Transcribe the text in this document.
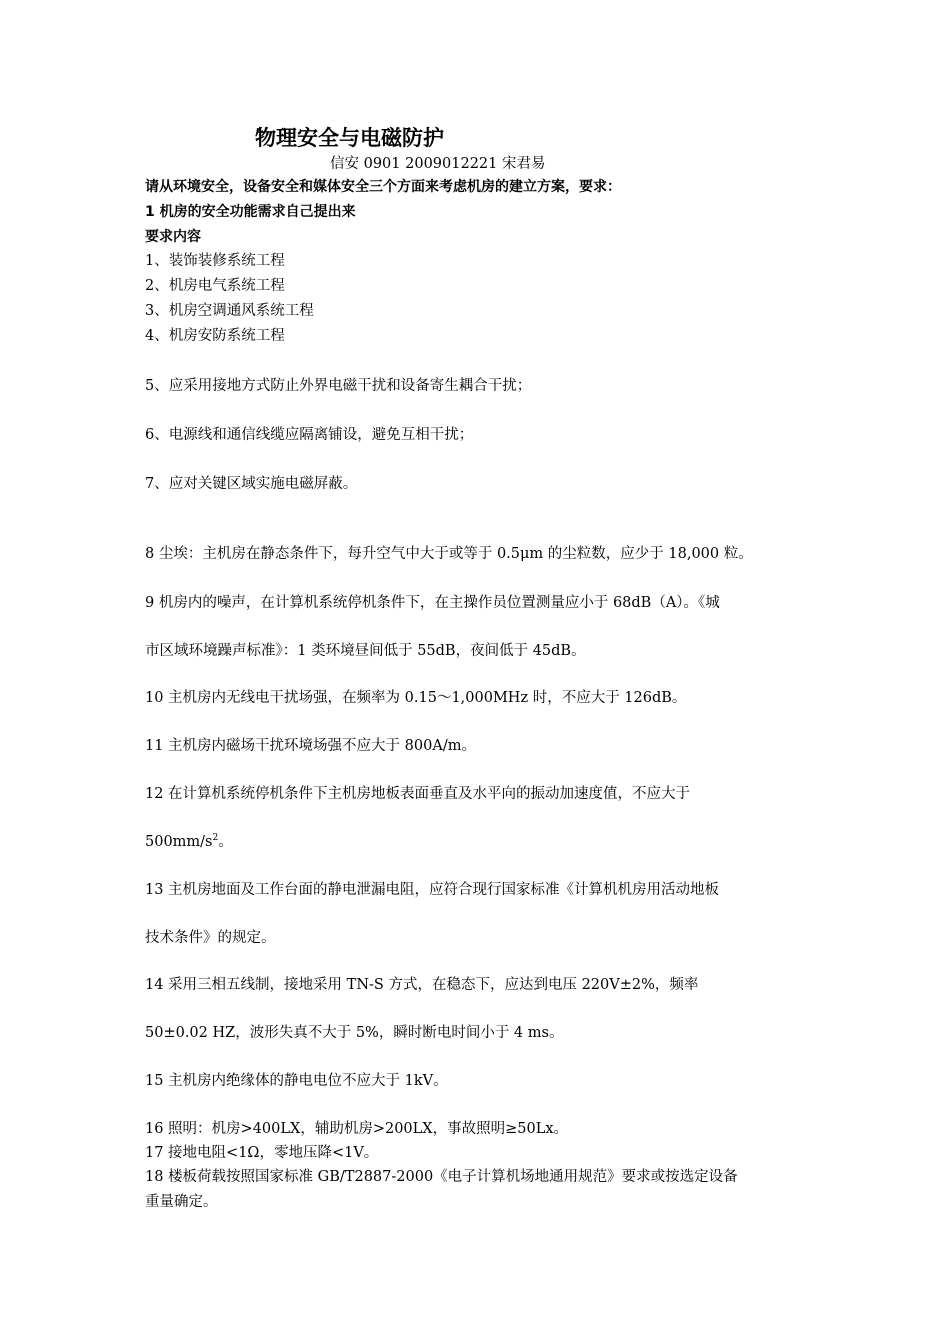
物理安全与电磁防护
信安 0901 2009012221 宋君易
请从环境安全，设备安全和媒体安全三个方面来考虑机房的建立方案，要求：
1 机房的安全功能需求自己提出来
要求内容
1、装饰装修系统工程
2、机房电气系统工程
3、机房空调通风系统工程
4、机房安防系统工程
5、应采用接地方式防止外界电磁干扰和设备寄生耦合干扰；
6、电源线和通信线缆应隔离铺设，避免互相干扰；
7、应对关键区域实施电磁屏蔽。
8 尘埃：主机房在静态条件下，每升空气中大于或等于 0.5μm 的尘粒数，应少于 18,000 粒。
9 机房内的噪声，在计算机系统停机条件下，在主操作员位置测量应小于 68dB（A）。《城
市区域环境躁声标准》：1 类环境昼间低于 55dB，夜间低于 45dB。
10 主机房内无线电干扰场强，在频率为 0.15～1,000MHz 时，不应大于 126dB。
11 主机房内磁场干扰环境场强不应大于 800A/m。
12 在计算机系统停机条件下主机房地板表面垂直及水平向的振动加速度值，不应大于
$500mm/s^2$。
13 主机房地面及工作台面的静电泄漏电阻，应符合现行国家标准《计算机机房用活动地板
技术条件》的规定。
14 采用三相五线制，接地采用 TN-S 方式，在稳态下，应达到电压 220V±2%，频率
50±0.02 HZ，波形失真不大于 5%，瞬时断电时间小于 4 ms。
15 主机房内绝缘体的静电电位不应大于 1kV。
16 照明：机房>400LX，辅助机房>200LX，事故照明≥50Lx。
17 接地电阻<1Ω，零地压降<1V。
18 楼板荷载按照国家标准 GB/T2887-2000《电子计算机场地通用规范》要求或按选定设备
重量确定。
